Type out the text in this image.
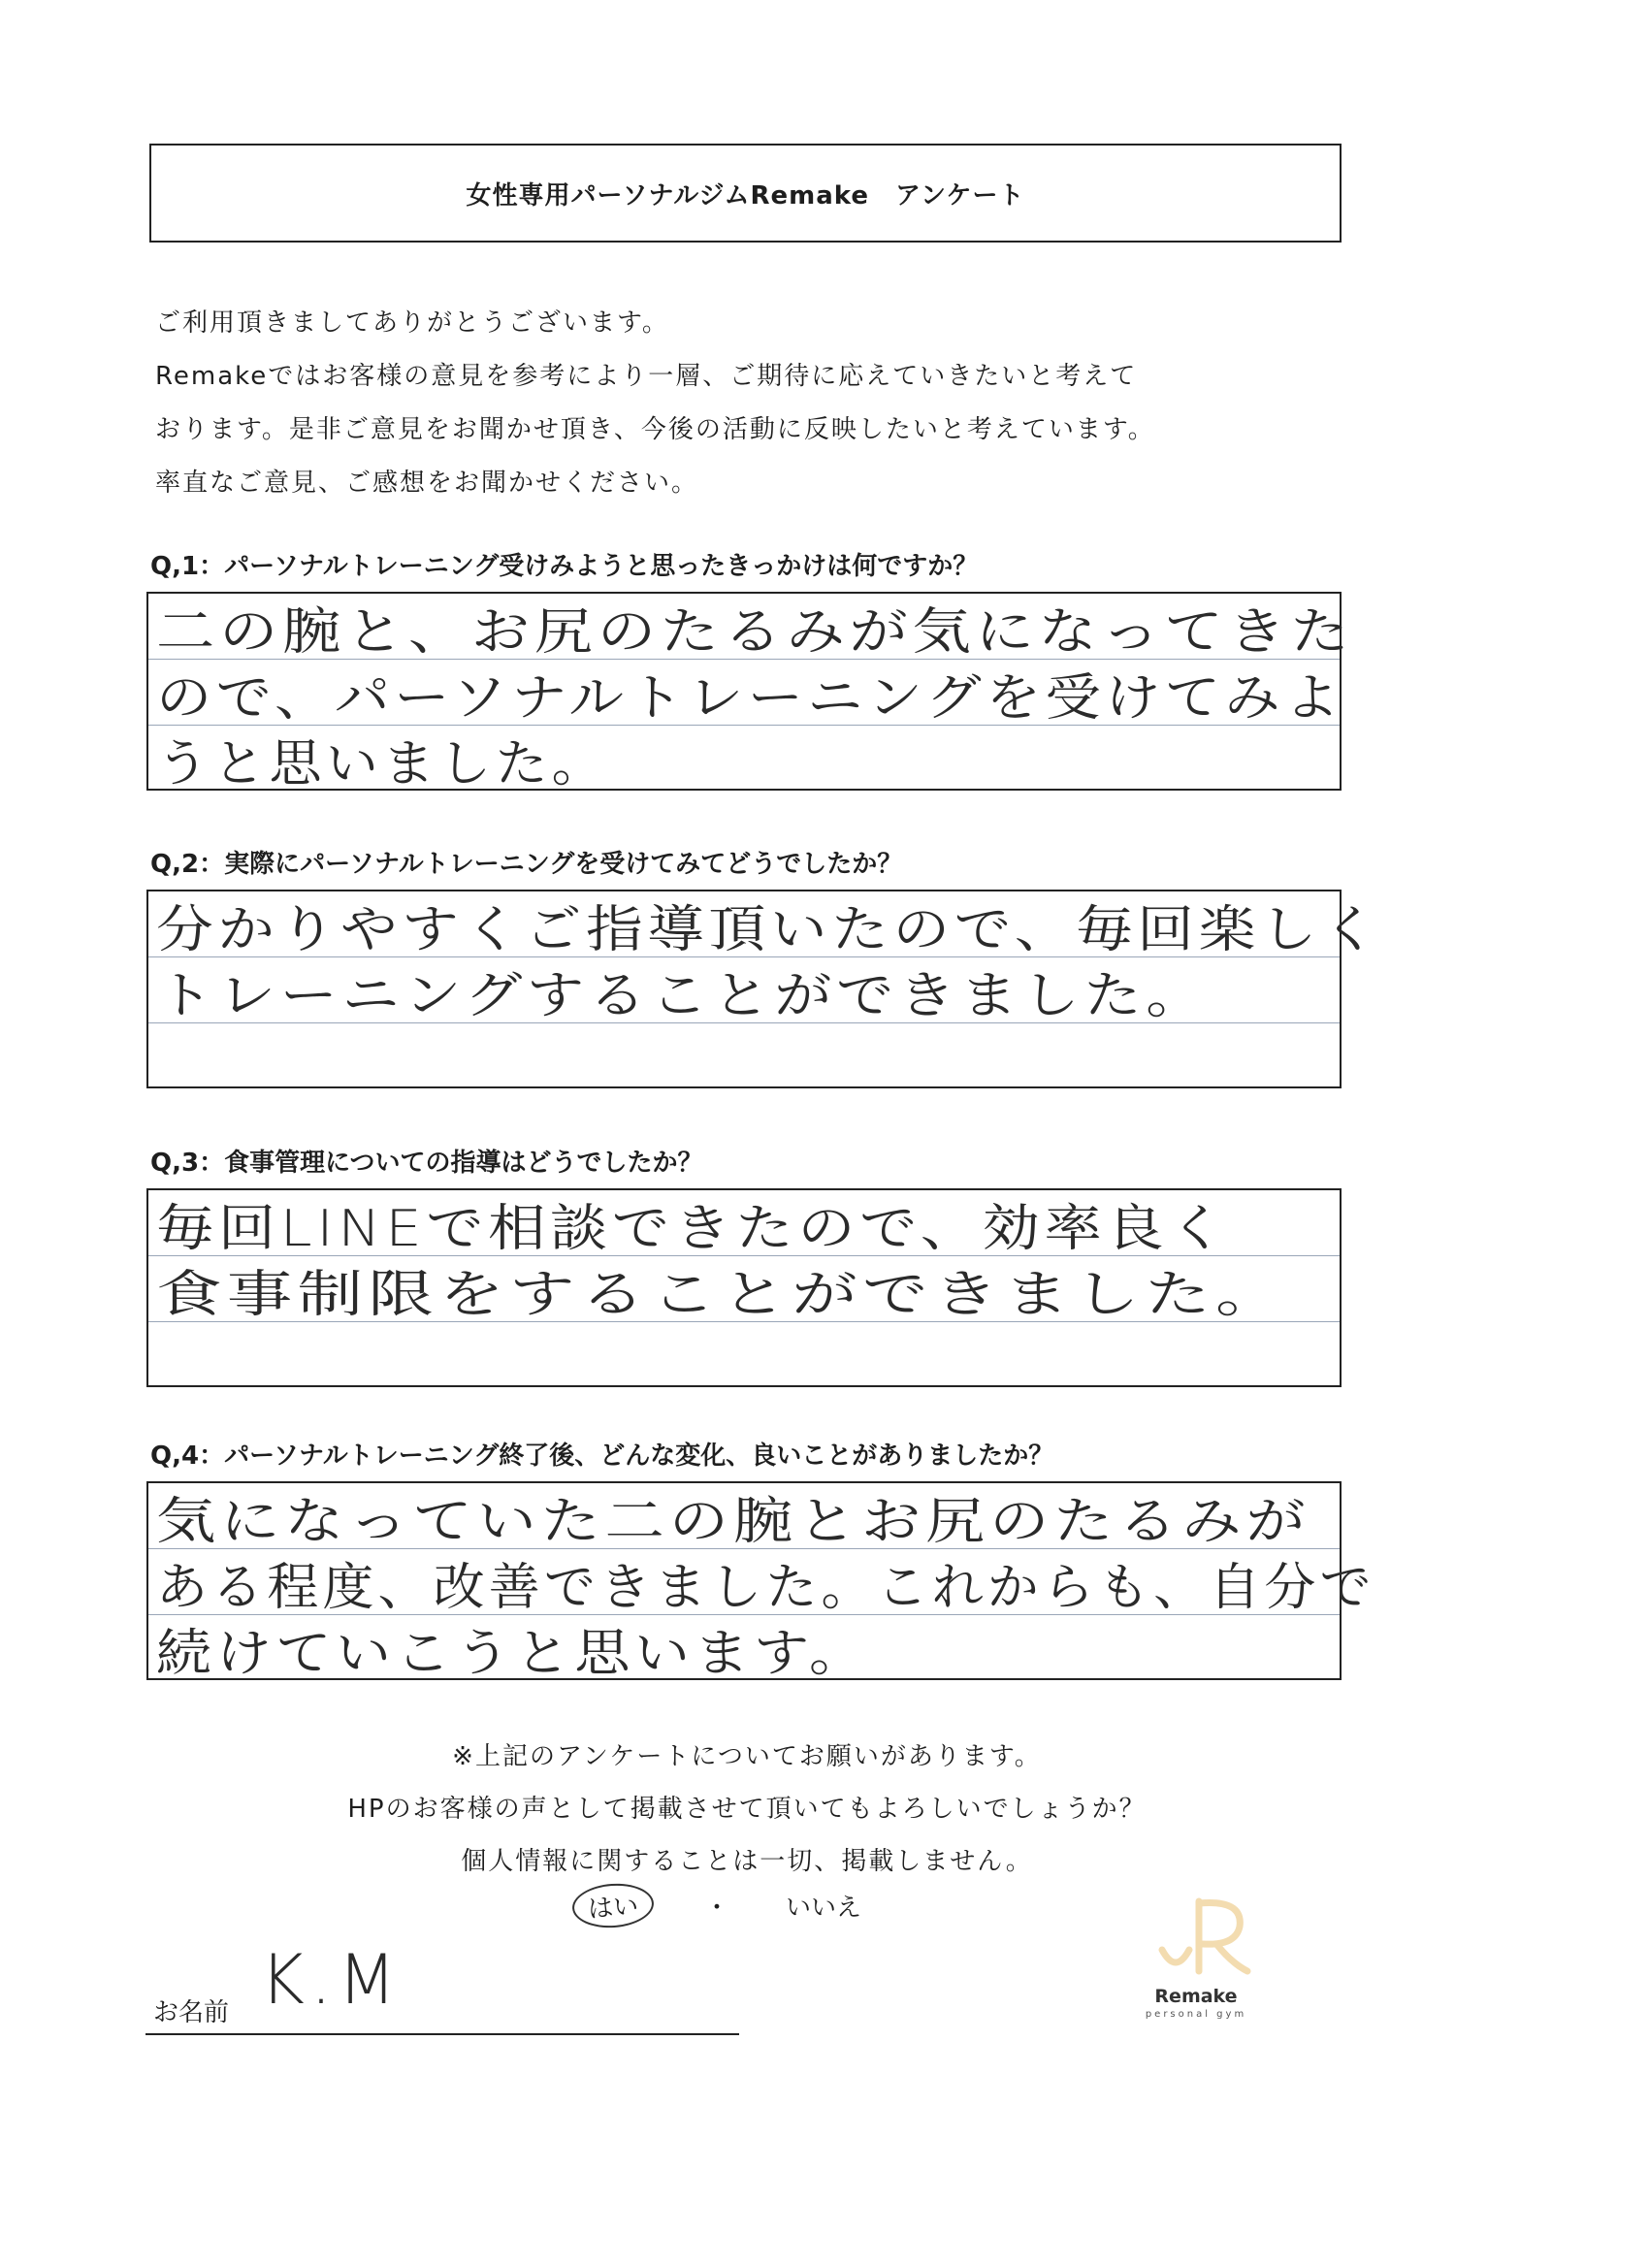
女性専用パーソナルジムRemake　アンケート
ご利用頂きましてありがとうございます。
Remakeではお客様の意見を参考により一層、ご期待に応えていきたいと考えて
おります。是非ご意見をお聞かせ頂き、今後の活動に反映したいと考えています。
率直なご意見、ご感想をお聞かせください。
Q,1：パーソナルトレーニング受けみようと思ったきっかけは何ですか？
二の腕と、お尻のたるみが気になってきた
ので、パーソナルトレーニングを受けてみよ
うと思いました。
Q,2：実際にパーソナルトレーニングを受けてみてどうでしたか？
分かりやすくご指導頂いたので、毎回楽しく
トレーニングすることができました。
Q,3：食事管理についての指導はどうでしたか？
毎回LINEで相談できたので、効率良く
食事制限をすることができました。
Q,4：パーソナルトレーニング終了後、どんな変化、良いことがありましたか？
気になっていた二の腕とお尻のたるみが
ある程度、改善できました。これからも、自分で
続けていこうと思います。
※上記のアンケートについてお願いがあります。
HPのお客様の声として掲載させて頂いてもよろしいでしょうか？
個人情報に関することは一切、掲載しません。
はい	・ いいえ
お名前 K.M	Remake
personal gym
